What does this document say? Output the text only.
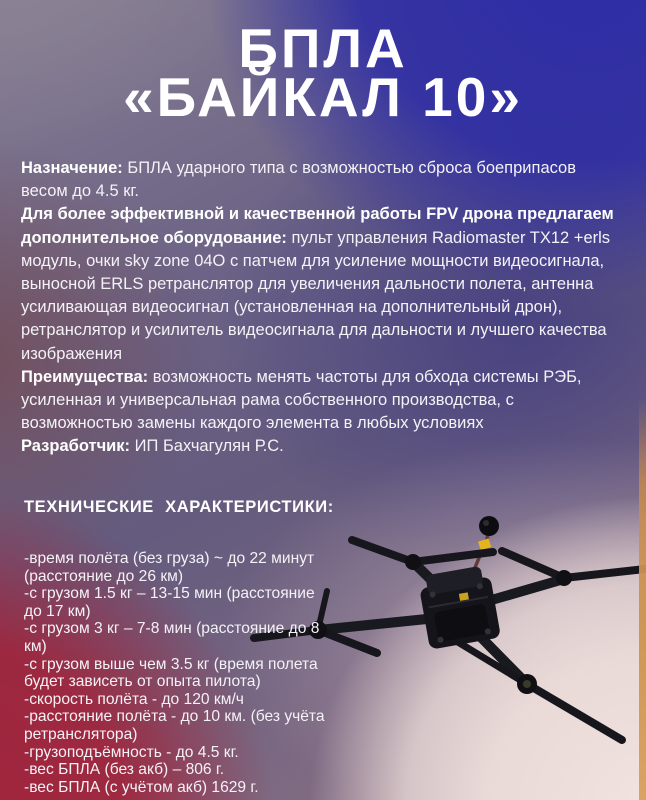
БПЛА
«БАЙКАЛ 10»

Назначение: БПЛА ударного типа с возможностью сброса боеприпасов весом до 4.5 кг.

Для более эффективной и качественной работы FPV дрона предлагаем дополнительное оборудование: пульт управления Radiomaster TX12 +erls модуль, очки sky zone 04O с патчем для усиление мощности видеосигнала, выносной ERLS ретранслятор для увеличения дальности полета, антенна усиливающая видеосигнал (установленная на дополнительный дрон), ретранслятор и усилитель видеосигнала для дальности и лучшего качества изображения

Преимущества: возможность менять частоты для обхода системы РЭБ, усиленная и универсальная рама собственного производства, с возможностью замены каждого элемента в любых условиях

Разработчик: ИП Бахчагулян Р.С.

ТЕХНИЧЕСКИЕ ХАРАКТЕРИСТИКИ:
-время полёта (без груза) ~ до 22 минут (расстояние до 26 км)
-с грузом 1.5 кг – 13-15 мин (расстояние до 17 км)
-с грузом 3 кг – 7-8 мин (расстояние до 8 км)
-с грузом выше чем 3.5 кг (время полета будет зависеть от опыта пилота)
-скорость полёта - до 120 км/ч
-расстояние полёта - до 10 км. (без учёта ретранслятора)
-грузоподъёмность - до 4.5 кг.
-вес БПЛА (без акб) – 806 г.
-вес БПЛА (с учётом акб) 1629 г.
